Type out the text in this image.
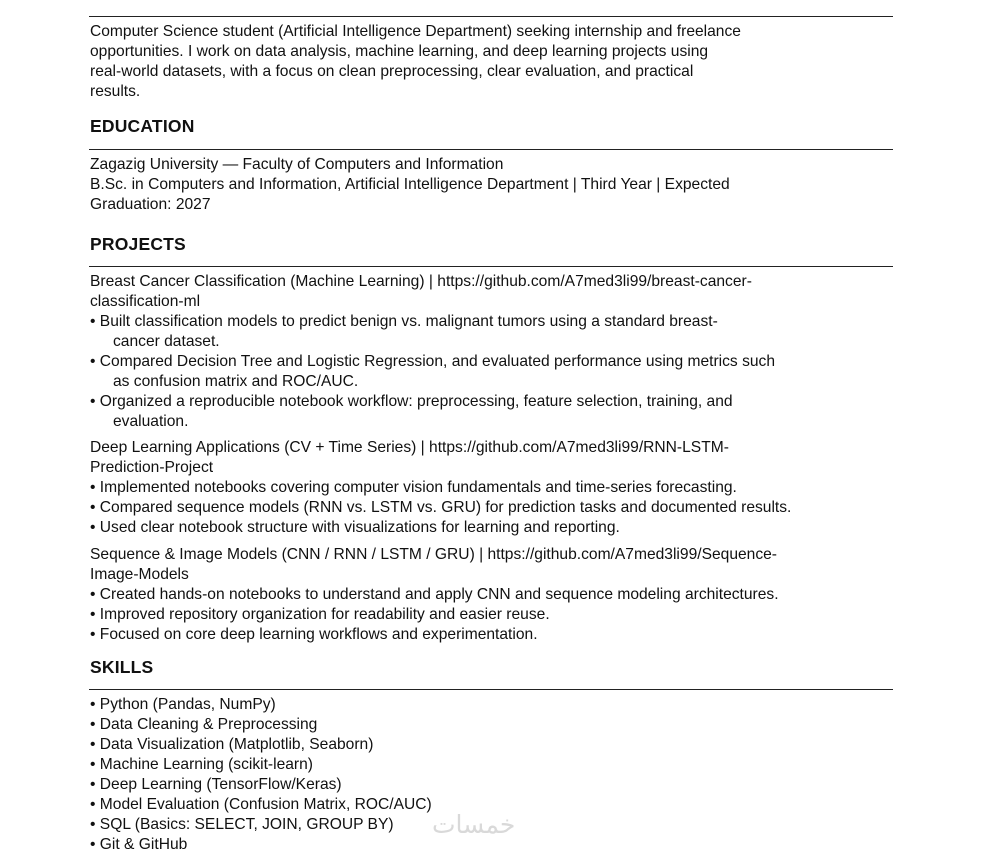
Computer Science student (Artificial Intelligence Department) seeking internship and freelance
opportunities. I work on data analysis, machine learning, and deep learning projects using
real-world datasets, with a focus on clean preprocessing, clear evaluation, and practical
results.
EDUCATION
Zagazig University — Faculty of Computers and Information
B.Sc. in Computers and Information, Artificial Intelligence Department | Third Year | Expected
Graduation: 2027
PROJECTS
Breast Cancer Classification (Machine Learning) | https://github.com/A7med3li99/breast-cancer-
classification-ml
• Built classification models to predict benign vs. malignant tumors using a standard breast-
cancer dataset.
• Compared Decision Tree and Logistic Regression, and evaluated performance using metrics such
as confusion matrix and ROC/AUC.
• Organized a reproducible notebook workflow: preprocessing, feature selection, training, and
evaluation.
Deep Learning Applications (CV + Time Series) | https://github.com/A7med3li99/RNN-LSTM-
Prediction-Project
• Implemented notebooks covering computer vision fundamentals and time-series forecasting.
• Compared sequence models (RNN vs. LSTM vs. GRU) for prediction tasks and documented results.
• Used clear notebook structure with visualizations for learning and reporting.
Sequence & Image Models (CNN / RNN / LSTM / GRU) | https://github.com/A7med3li99/Sequence-
Image-Models
• Created hands-on notebooks to understand and apply CNN and sequence modeling architectures.
• Improved repository organization for readability and easier reuse.
• Focused on core deep learning workflows and experimentation.
SKILLS
• Python (Pandas, NumPy)
• Data Cleaning & Preprocessing
• Data Visualization (Matplotlib, Seaborn)
• Machine Learning (scikit-learn)
• Deep Learning (TensorFlow/Keras)
• Model Evaluation (Confusion Matrix, ROC/AUC)
• SQL (Basics: SELECT, JOIN, GROUP BY)
• Git & GitHub
خمسات
